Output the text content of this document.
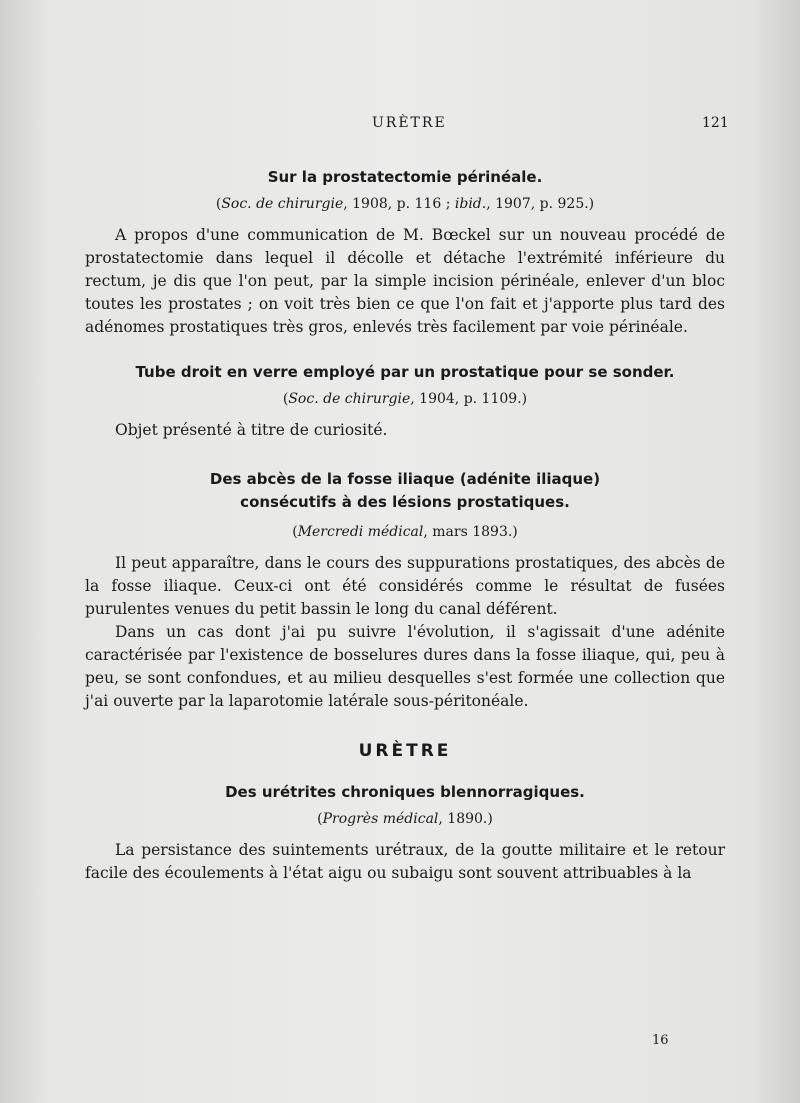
URÈTRE	121
Sur la prostatectomie périnéale.
(Soc. de chirurgie, 1908, p. 116 ; ibid., 1907, p. 925.)

A propos d'une communication de M. Bœckel sur un nouveau procédé de prostatectomie dans lequel il décolle et détache l'extrémité inférieure du rectum, je dis que l'on peut, par la simple incision périnéale, enlever d'un bloc toutes les prostates ; on voit très bien ce que l'on fait et j'apporte plus tard des adénomes prostatiques très gros, enlevés très facilement par voie périnéale.

Tube droit en verre employé par un prostatique pour se sonder.
(Soc. de chirurgie, 1904, p. 1109.)

Objet présenté à titre de curiosité.

Des abcès de la fosse iliaque (adénite iliaque)
consécutifs à des lésions prostatiques.
(Mercredi médical, mars 1893.)

Il peut apparaître, dans le cours des suppurations prostatiques, des abcès de la fosse iliaque. Ceux-ci ont été considérés comme le résultat de fusées purulentes venues du petit bassin le long du canal déférent.

Dans un cas dont j'ai pu suivre l'évolution, il s'agissait d'une adénite caractérisée par l'existence de bosselures dures dans la fosse iliaque, qui, peu à peu, se sont confondues, et au milieu desquelles s'est formée une collection que j'ai ouverte par la laparotomie latérale sous-péritonéale.

URÈTRE
Des urétrites chroniques blennorragiques.
(Progrès médical, 1890.)

La persistance des suintements urétraux, de la goutte militaire et le retour facile des écoulements à l'état aigu ou subaigu sont souvent attribuables à la

16
